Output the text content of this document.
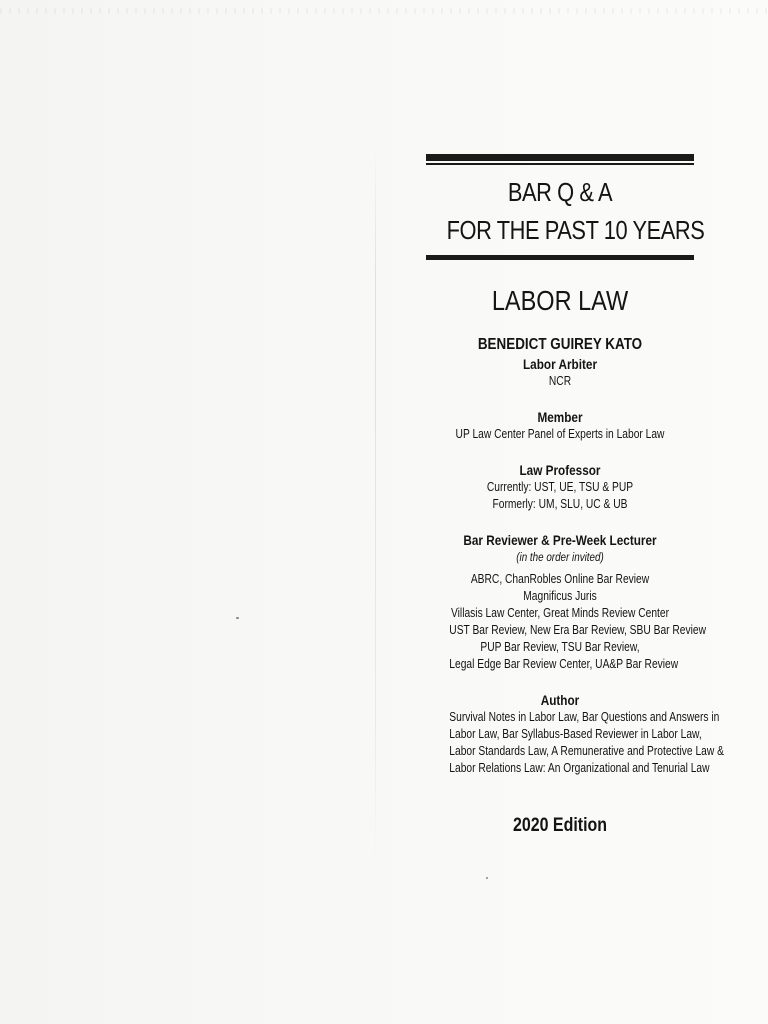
BAR Q & A
FOR THE PAST 10 YEARS
LABOR LAW
BENEDICT GUIREY KATO
Labor Arbiter
NCR
Member
UP Law Center Panel of Experts in Labor Law
Law Professor
Currently: UST, UE, TSU & PUP
Formerly: UM, SLU, UC & UB
Bar Reviewer & Pre-Week Lecturer
(in the order invited)
ABRC, ChanRobles Online Bar Review
Magnificus Juris
Villasis Law Center, Great Minds Review Center
UST Bar Review, New Era Bar Review, SBU Bar Review
PUP Bar Review, TSU Bar Review,
Legal Edge Bar Review Center, UA&P Bar Review
Author
Survival Notes in Labor Law, Bar Questions and Answers in
Labor Law, Bar Syllabus-Based Reviewer in Labor Law,
Labor Standards Law, A Remunerative and Protective Law &
Labor Relations Law: An Organizational and Tenurial Law
2020 Edition
